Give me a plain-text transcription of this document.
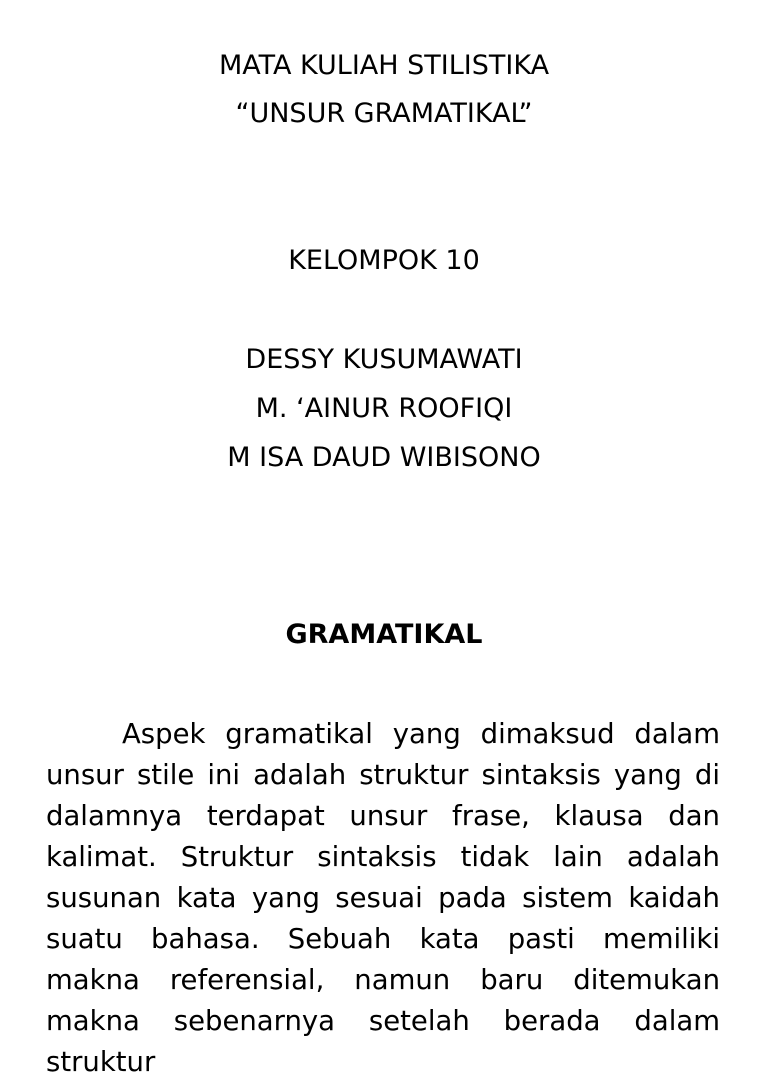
MATA KULIAH STILISTIKA
“UNSUR GRAMATIKAL”
KELOMPOK 10
DESSY KUSUMAWATI
M. ‘AINUR ROOFIQI
M ISA DAUD WIBISONO
GRAMATIKAL

Aspek gramatikal yang dimaksud dalam unsur stile ini adalah struktur sintaksis yang di dalamnya terdapat unsur frase, klausa dan kalimat. Struktur sintaksis tidak lain adalah susunan kata yang sesuai pada sistem kaidah suatu bahasa. Sebuah kata pasti memiliki makna referensial, namun baru ditemukan makna sebenarnya setelah berada dalam struktur
